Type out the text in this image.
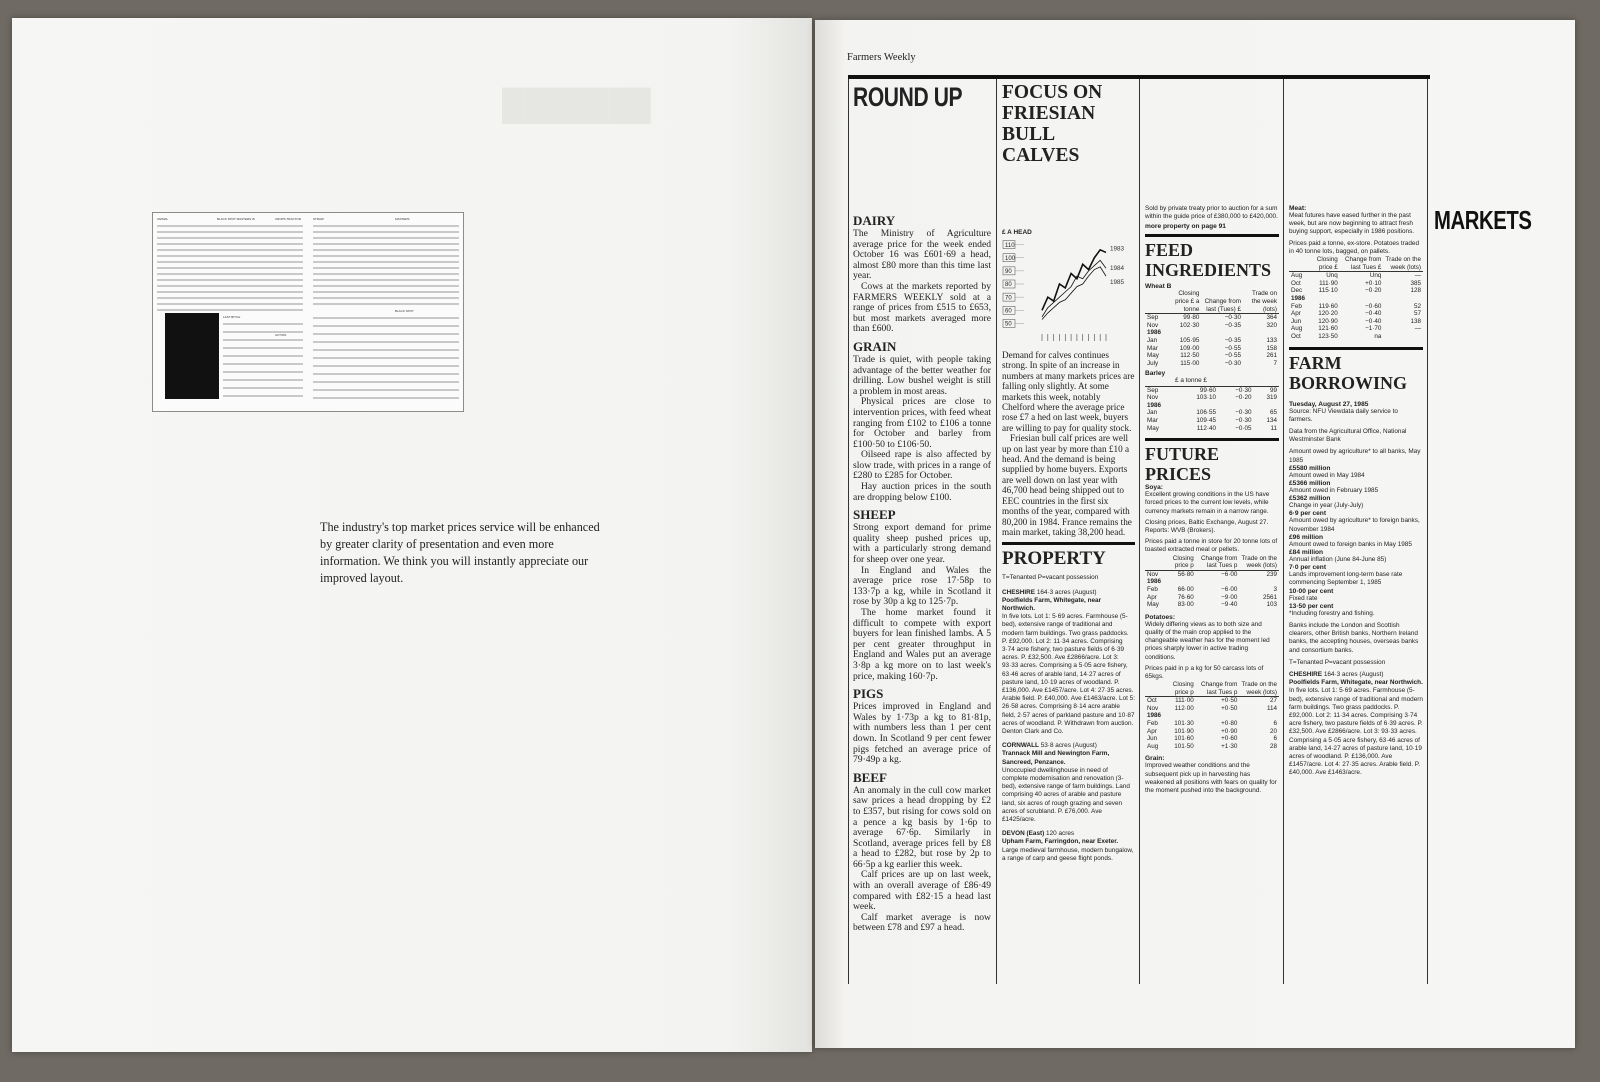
███████
ANIMAL	BLACK SPOT MASTERS IS	CROPS TRACTOR
LAST BITCH
ACTION
STRAW	MASTERS
BLACK SPOT

The industry's top market prices service will be enhanced by greater clarity of presentation and even more information. We think you will instantly appreciate our improved layout.

Farmers Weekly
ROUND UP
DAIRY

The Ministry of Agriculture average price for the week ended October 16 was £601·69 a head, almost £80 more than this time last year.

Cows at the markets reported by FARMERS WEEKLY sold at a range of prices from £515 to £653, but most markets averaged more than £600.

GRAIN

Trade is quiet, with people taking advantage of the better weather for drilling. Low bushel weight is still a problem in most areas.

Physical prices are close to intervention prices, with feed wheat ranging from £102 to £106 a tonne for October and barley from £100·50 to £106·50.

Oilseed rape is also affected by slow trade, with prices in a range of £280 to £285 for October.

Hay auction prices in the south are dropping below £100.

SHEEP

Strong export demand for prime quality sheep pushed prices up, with a particularly strong demand for sheep over one year.

In England and Wales the average price rose 17·58p to 133·7p a kg, while in Scotland it rose by 30p a kg to 125·7p.

The home market found it difficult to compete with export buyers for lean finished lambs. A 5 per cent greater throughput in England and Wales put an average 3·8p a kg more on to last week's price, making 160·7p.

PIGS

Prices improved in England and Wales by 1·73p a kg to 81·81p, with numbers less than 1 per cent down. In Scotland 9 per cent fewer pigs fetched an average price of 79·49p a kg.

BEEF

An anomaly in the cull cow market saw prices a head dropping by £2 to £357, but rising for cows sold on a pence a kg basis by 1·6p to average 67·6p. Similarly in Scotland, average prices fell by £8 a head to £282, but rose by 2p to 66·5p a kg earlier this week.

Calf prices are up on last week, with an overall average of £86·49 compared with £82·15 a head last week.

Calf market average is now between £78 and £97 a head.

FOCUS ON
FRIESIAN
BULL CALVES
£ A HEAD
110
100
90
80
70
60
50
1983
1984
1985

Demand for calves continues strong. In spite of an increase in numbers at many markets prices are falling only slightly. At some markets this week, notably Chelford where the average price rose £7 a hed on last week, buyers are willing to pay for quality stock.

Friesian bull calf prices are well up on last year by more than £10 a head. And the demand is being supplied by home buyers. Exports are well down on last year with 46,700 head being shipped out to EEC countries in the first six months of the year, compared with 80,200 in 1984. France remains the main market, taking 38,200 head.

PROPERTY

T=Tenanted P=vacant possession

CHESHIRE 164·3 acres (August)

Poolfields Farm, Whitegate, near Northwich.

In five lots. Lot 1: 5·69 acres. Farmhouse (5-bed), extensive range of traditional and modern farm buildings. Two grass paddocks. P. £92,000. Lot 2: 11·34 acres. Comprising 3·74 acre fishery, two pasture fields of 6·39 acres. P. £32,500. Ave £2866/acre. Lot 3: 93·33 acres. Comprising a 5·05 acre fishery, 63·46 acres of arable land, 14·27 acres of pasture land, 10·19 acres of woodland. P. £136,000. Ave £1457/acre. Lot 4: 27·35 acres. Arable field. P. £40,000. Ave £1463/acre. Lot 5: 26·58 acres. Comprising 8·14 acre arable field, 2·57 acres of parkland pasture and 10·87 acres of woodland. P. Withdrawn from auction. Denton Clark and Co.

CORNWALL 53·8 acres (August)

Trannack Mill and Newington Farm, Sancreed, Penzance.

Unoccupied dwellinghouse in need of complete modernisation and renovation (3-bed), extensive range of farm buildings. Land comprising 40 acres of arable and pasture land, six acres of rough grazing and seven acres of scrubland. P. £76,000. Ave £1425/acre.

DEVON (East) 120 acres

Upham Farm, Farringdon, near Exeter.

Large medieval farmhouse, modern bungalow, a range of carp and geese flight ponds.

Sold by private treaty prior to auction for a sum within the guide price of £380,000 to £420,000.

more property on page 91

FEED
INGREDIENTS

Wheat B

	Closing price £ a tonne	Change from last (Tues) £	Trade on the week (lots)
Sep	99·80	−0·30	364
Nov	102·30	−0·35	320
1986			
Jan	105·95	−0·35	133
Mar	109·00	−0·55	158
May	112·50	−0·55	261
July	115·00	−0·30	7

Barley

£ a tonne £

Sep	99·60	−0·30	99
Nov	103·10	−0·20	319
1986			
Jan	106·55	−0·30	65
Mar	109·45	−0·30	134
May	112·40	−0·05	11
FUTURE
PRICES

Soya:

Excellent growing conditions in the US have forced prices to the current low levels, while currency markets remain in a narrow range.

Closing prices, Baltic Exchange, August 27. Reports: WVB (Brokers).

Prices paid a tonne in store for 20 tonne lots of toasted extracted meal or pellets.

	Closing price p	Change from last Tues p	Trade on the week (lots)
Nov	56·80	−6·00	239
1986			
Feb	66·00	−6·00	3
Apr	76·60	−9·00	2561
May	83·00	−9·40	103

Potatoes:

Widely differing views as to both size and quality of the main crop applied to the changeable weather has for the moment led prices sharply lower in active trading conditions.

Prices paid in p a kg for 50 carcass lots of 65kgs.

	Closing price p	Change from last Tues p	Trade on the week (lots)
Oct	111·00	+0·50	27
Nov	112·00	+0·50	114
1986			
Feb	101·30	+0·80	6
Apr	101·90	+0·90	20
Jun	101·60	+0·60	6
Aug	101·50	+1·30	28

Grain:

Improved weather conditions and the subsequent pick up in harvesting has weakened all positions with fears on quality for the moment pushed into the background.

Meat:

Meat futures have eased further in the past week, but are now beginning to attract fresh buying support, especially in 1986 positions.

Prices paid a tonne, ex-store. Potatoes traded in 40 tonne lots, bagged, on pallets.

	Closing price £	Change from last Tues £	Trade on the week (lots)
Aug	Unq	Unq	—
Oct	111·90	+0·10	385
Dec	115·10	−0·20	128
1986			
Feb	119·60	−0·60	52
Apr	120·20	−0·40	57
Jun	120·90	−0·40	138
Aug	121·60	−1·70	—
Oct	123·50	na	
FARM
BORROWING

Tuesday, August 27, 1985

Source: NFU Viewdata daily service to farmers.

Data from the Agricultural Office, National Westminster Bank

Amount owed by agriculture* to all banks, May 1985

£5580 million

Amount owed in May 1984

£5366 million

Amount owed in February 1985

£5362 million

Change in year (July-July)

6·9 per cent

Amount owed by agriculture* to foreign banks, November 1984

£96 million

Amount owed to foreign banks in May 1985

£84 million

Annual inflation (June 84-June 85)

7·0 per cent

Lands improvement long-term base rate commencing September 1, 1985

10·00 per cent

Fixed rate

13·50 per cent

*Including forestry and fishing.

Banks include the London and Scottish clearers, other British banks, Northern Ireland banks, the accepting houses, overseas banks and consortium banks.

T=Tenanted P=vacant possession

CHESHIRE 164·3 acres (August)

Poolfields Farm, Whitegate, near Northwich.

In five lots. Lot 1: 5·69 acres. Farmhouse (5-bed), extensive range of traditional and modern farm buildings. Two grass paddocks. P. £92,000. Lot 2: 11·34 acres. Comprising 3·74 acre fishery, two pasture fields of 6·39 acres. P. £32,500. Ave £2866/acre. Lot 3: 93·33 acres. Comprising a 5·05 acre fishery, 63·46 acres of arable land, 14·27 acres of pasture land, 10·19 acres of woodland. P. £136,000. Ave £1457/acre. Lot 4: 27·35 acres. Arable field. P. £40,000. Ave £1463/acre.

MARKETS
